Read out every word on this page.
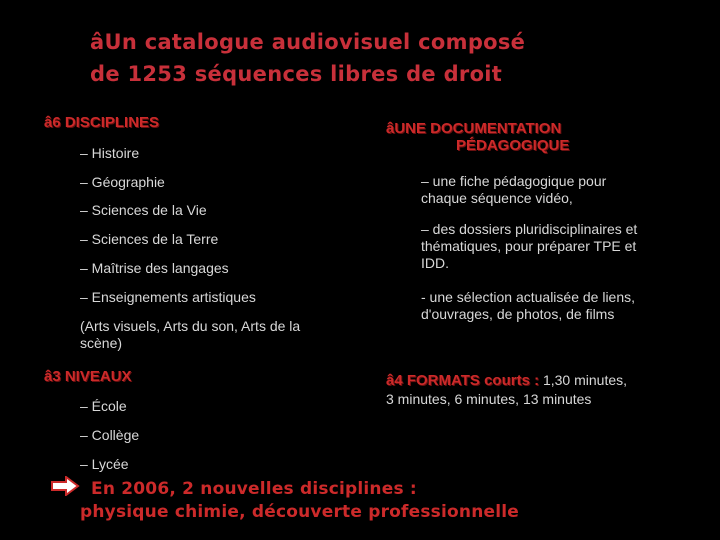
âUn catalogue audiovisuel composé
de 1253 séquences libres de droit
â6 DISCIPLINES
– Histoire
– Géographie
– Sciences de la Vie
– Sciences de la Terre
– Maîtrise des langages
– Enseignements artistiques
(Arts visuels, Arts du son, Arts de la
scène)
â3 NIVEAUX
– École
– Collège
– Lycée
âUNE DOCUMENTATION
PÉDAGOGIQUE
– une fiche pédagogique pour
chaque séquence vidéo,
– des dossiers pluridisciplinaires et
thématiques, pour préparer TPE et
IDD.
- une sélection actualisée de liens,
d'ouvrages, de photos, de films
â4 FORMATS courts : 1,30 minutes,
3 minutes, 6 minutes, 13 minutes
En 2006, 2 nouvelles disciplines :
physique chimie, découverte professionnelle
